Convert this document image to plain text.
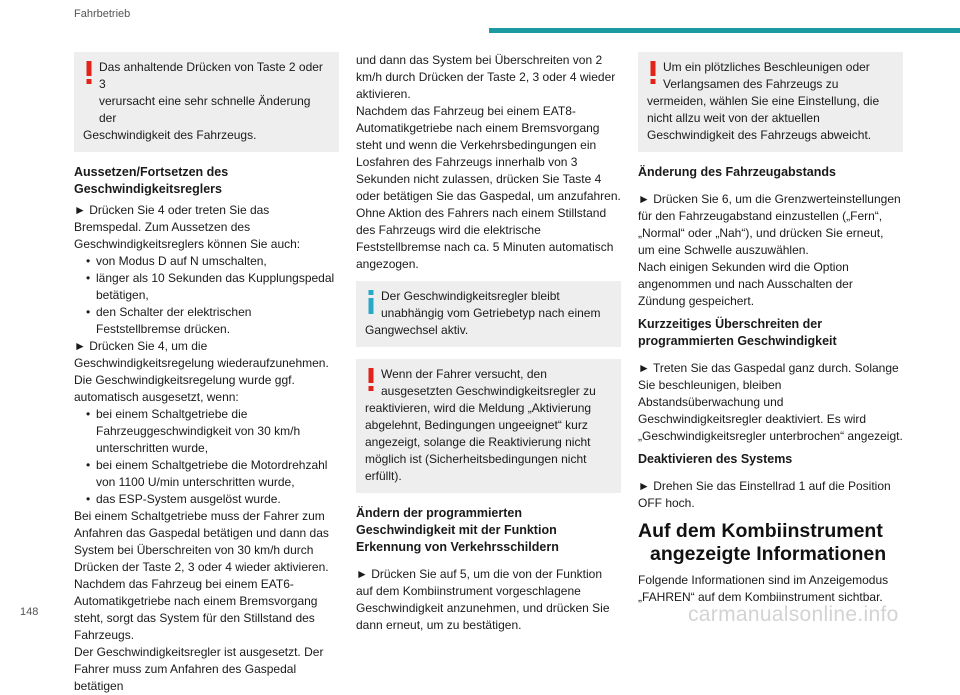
Fahrbetrieb

Das anhaltende Drücken von Taste 2 oder 3

verursacht eine sehr schnelle Änderung der

Geschwindigkeit des Fahrzeugs.

Aussetzen/Fortsetzen des Geschwindigkeitsreglers

► Drücken Sie 4 oder treten Sie das Bremspedal. Zum Aussetzen des Geschwindigkeitsreglers können Sie auch:

• von Modus D auf N umschalten,
• länger als 10 Sekunden das Kupplungspedal betätigen,
• den Schalter der elektrischen Feststellbremse drücken.

► Drücken Sie 4, um die Geschwindigkeitsregelung wiederaufzunehmen. Die Geschwindigkeitsregelung wurde ggf. automatisch ausgesetzt, wenn:

• bei einem Schaltgetriebe die Fahrzeuggeschwindigkeit von 30 km/h unterschritten wurde,
• bei einem Schaltgetriebe die Motordrehzahl von 1100 U/min unterschritten wurde,
• das ESP-System ausgelöst wurde.

Bei einem Schaltgetriebe muss der Fahrer zum Anfahren das Gaspedal betätigen und dann das System bei Überschreiten von 30 km/h durch Drücken der Taste 2, 3 oder 4 wieder aktivieren.

Nachdem das Fahrzeug bei einem EAT6-Automatikgetriebe nach einem Bremsvorgang steht, sorgt das System für den Stillstand des Fahrzeugs.

Der Geschwindigkeitsregler ist ausgesetzt. Der Fahrer muss zum Anfahren des Gaspedal betätigen

und dann das System bei Überschreiten von 2 km/h durch Drücken der Taste 2, 3 oder 4 wieder aktivieren.

Nachdem das Fahrzeug bei einem EAT8-Automatikgetriebe nach einem Bremsvorgang steht und wenn die Verkehrsbedingungen ein Losfahren des Fahrzeugs innerhalb von 3 Sekunden nicht zulassen, drücken Sie Taste 4 oder betätigen Sie das Gaspedal, um anzufahren.

Ohne Aktion des Fahrers nach einem Stillstand des Fahrzeugs wird die elektrische Feststellbremse nach ca. 5 Minuten automatisch angezogen.

Der Geschwindigkeitsregler bleibt

unabhängig vom Getriebetyp nach einem

Gangwechsel aktiv.

Wenn der Fahrer versucht, den

ausgesetzten Geschwindigkeitsregler zu

reaktivieren, wird die Meldung „Aktivierung abgelehnt, Bedingungen ungeeignet“ kurz angezeigt, solange die Reaktivierung nicht möglich ist (Sicherheitsbedingungen nicht erfüllt).

Ändern der programmierten Geschwindigkeit mit der Funktion Erkennung von Verkehrsschildern

► Drücken Sie auf 5, um die von der Funktion auf dem Kombiinstrument vorgeschlagene Geschwindigkeit anzunehmen, und drücken Sie dann erneut, um zu bestätigen.

Um ein plötzliches Beschleunigen oder

Verlangsamen des Fahrzeugs zu

vermeiden, wählen Sie eine Einstellung, die nicht allzu weit von der aktuellen Geschwindigkeit des Fahrzeugs abweicht.

Änderung des Fahrzeugabstands

► Drücken Sie 6, um die Grenzwerteinstellungen für den Fahrzeugabstand einzustellen („Fern“, „Normal“ oder „Nah“), und drücken Sie erneut, um eine Schwelle auszuwählen.

Nach einigen Sekunden wird die Option angenommen und nach Ausschalten der Zündung gespeichert.

Kurzzeitiges Überschreiten der programmierten Geschwindigkeit

► Treten Sie das Gaspedal ganz durch. Solange Sie beschleunigen, bleiben Abstandsüberwachung und Geschwindigkeitsregler deaktiviert. Es wird „Geschwindigkeitsregler unterbrochen“ angezeigt.

Deaktivieren des Systems

► Drehen Sie das Einstellrad 1 auf die Position OFF hoch.

Auf dem Kombiinstrument
angezeigte Informationen

Folgende Informationen sind im Anzeigemodus „FAHREN“ auf dem Kombiinstrument sichtbar.

148	carmanualsonline.info
